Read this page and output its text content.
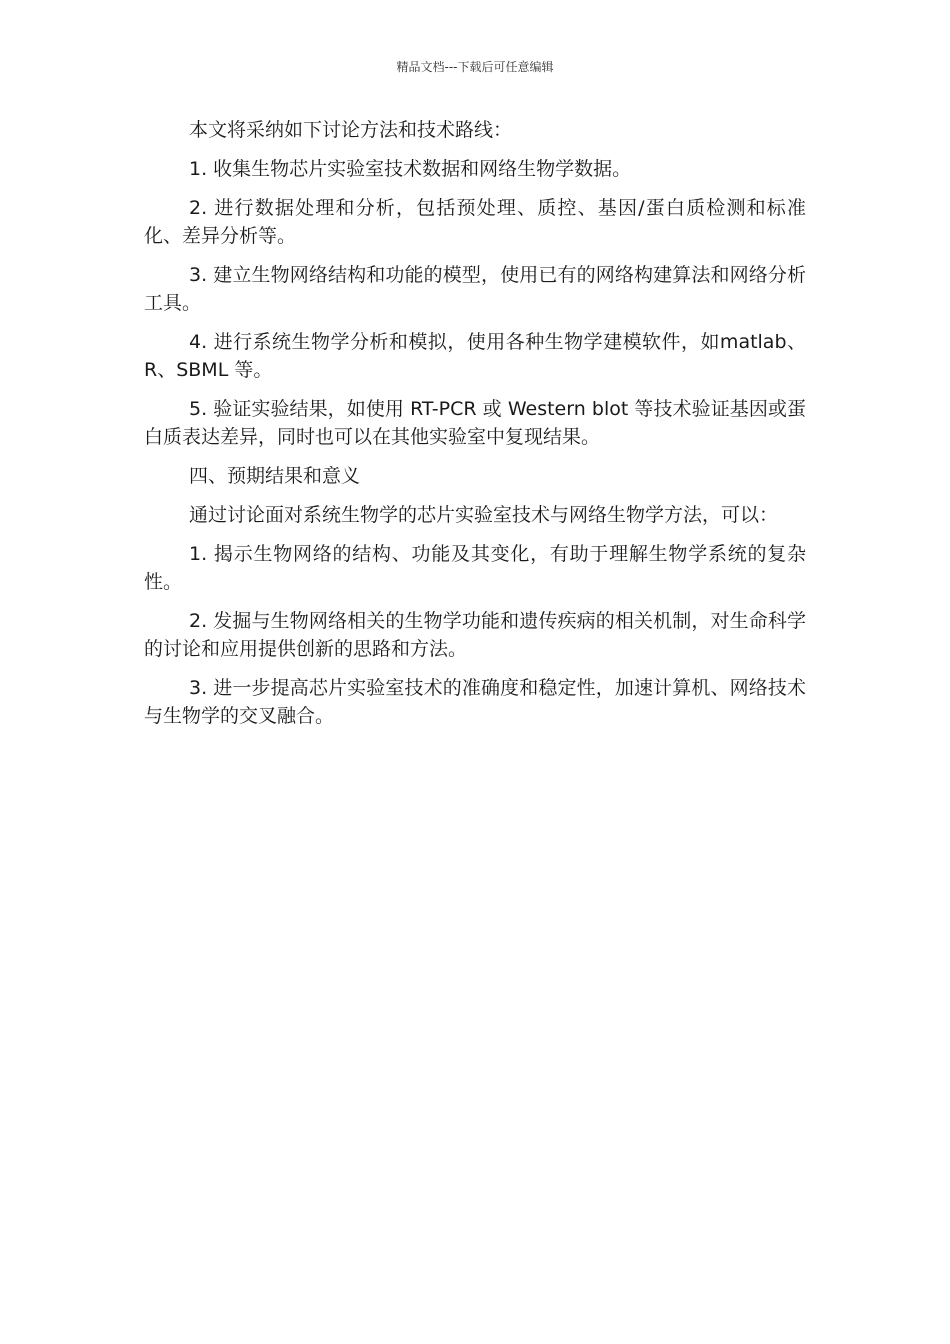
精品文档---下载后可任意编辑

本文将采纳如下讨论方法和技术路线：

1. 收集生物芯片实验室技术数据和网络生物学数据。

2. 进行数据处理和分析，包括预处理、质控、基因/蛋白质检测和标准化、差异分析等。

3. 建立生物网络结构和功能的模型，使用已有的网络构建算法和网络分析工具。

4. 进行系统生物学分析和模拟，使用各种生物学建模软件，如matlab、R、SBML 等。

5. 验证实验结果，如使用 RT-PCR 或 Western blot 等技术验证基因或蛋白质表达差异，同时也可以在其他实验室中复现结果。

四、预期结果和意义

通过讨论面对系统生物学的芯片实验室技术与网络生物学方法，可以：

1. 揭示生物网络的结构、功能及其变化，有助于理解生物学系统的复杂性。

2. 发掘与生物网络相关的生物学功能和遗传疾病的相关机制，对生命科学的讨论和应用提供创新的思路和方法。

3. 进一步提高芯片实验室技术的准确度和稳定性，加速计算机、网络技术与生物学的交叉融合。
